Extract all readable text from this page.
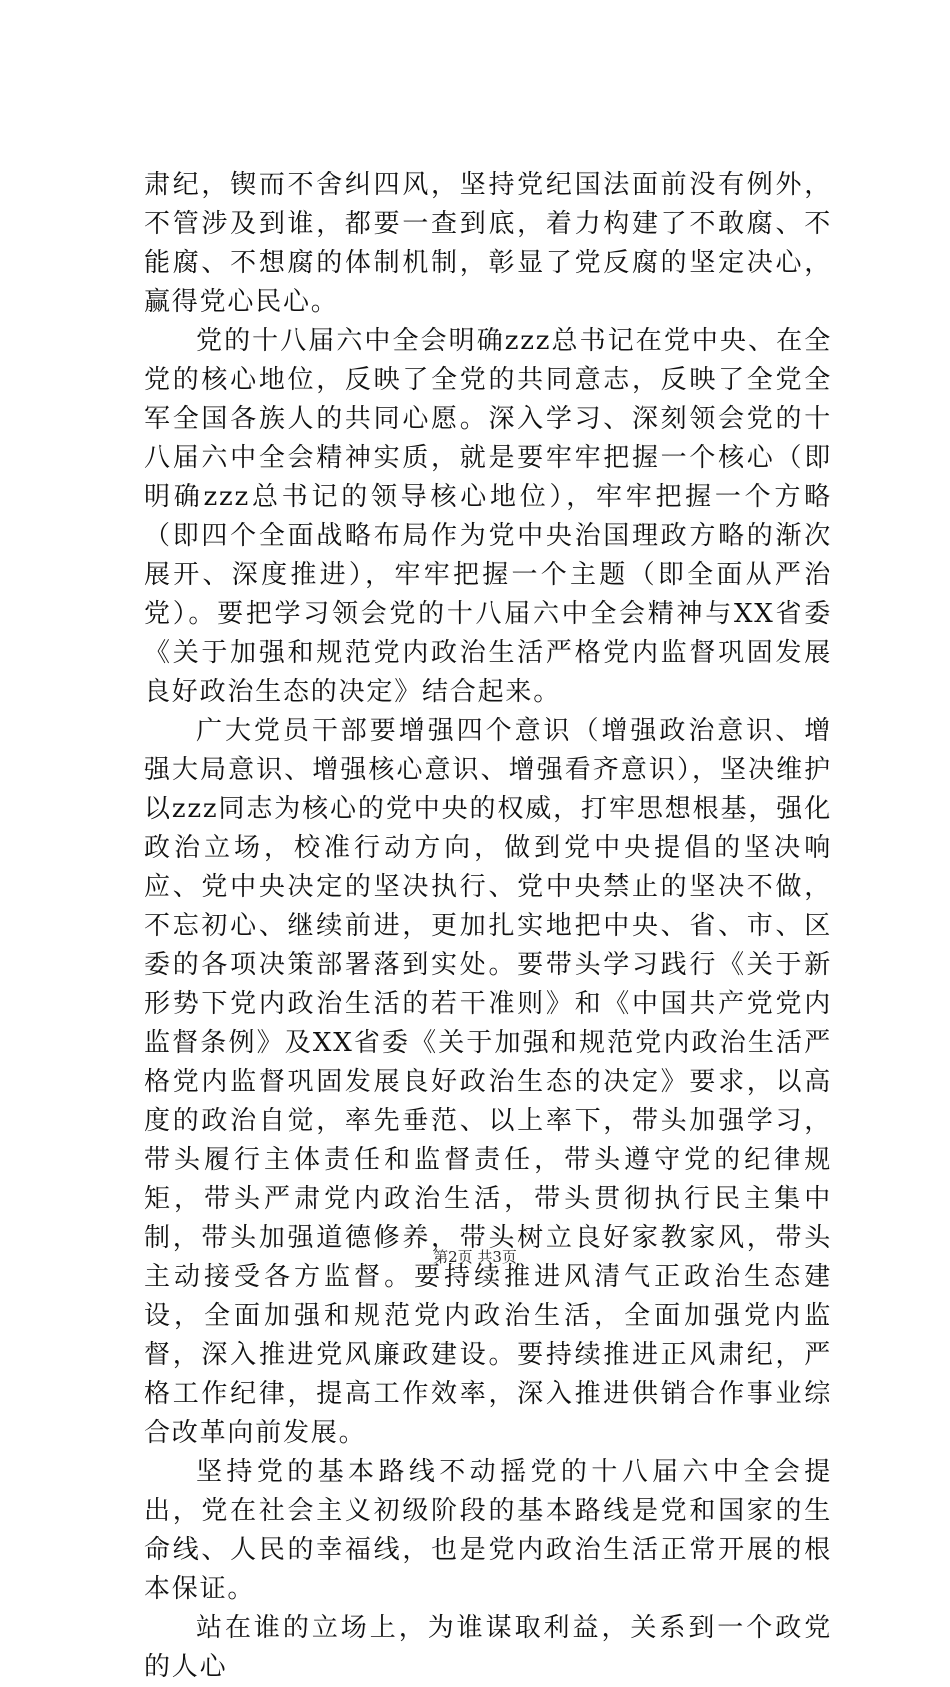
肃纪，锲而不舍纠四风，坚持党纪国法面前没有例外，不管涉及到谁，都要一查到底，着力构建了不敢腐、不能腐、不想腐的体制机制，彰显了党反腐的坚定决心，赢得党心民心。

党的十八届六中全会明确zzz总书记在党中央、在全党的核心地位，反映了全党的共同意志，反映了全党全军全国各族人的共同心愿。深入学习、深刻领会党的十八届六中全会精神实质，就是要牢牢把握一个核心（即明确zzz总书记的领导核心地位），牢牢把握一个方略（即四个全面战略布局作为党中央治国理政方略的渐次展开、深度推进），牢牢把握一个主题（即全面从严治党）。要把学习领会党的十八届六中全会精神与XX省委《关于加强和规范党内政治生活严格党内监督巩固发展良好政治生态的决定》结合起来。

广大党员干部要增强四个意识（增强政治意识、增强大局意识、增强核心意识、增强看齐意识），坚决维护以zzz同志为核心的党中央的权威，打牢思想根基，强化政治立场，校准行动方向，做到党中央提倡的坚决响应、党中央决定的坚决执行、党中央禁止的坚决不做，不忘初心、继续前进，更加扎实地把中央、省、市、区委的各项决策部署落到实处。要带头学习践行《关于新形势下党内政治生活的若干准则》和《中国共产党党内监督条例》及XX省委《关于加强和规范党内政治生活严格党内监督巩固发展良好政治生态的决定》要求，以高度的政治自觉，率先垂范、以上率下，带头加强学习，带头履行主体责任和监督责任，带头遵守党的纪律规矩，带头严肃党内政治生活，带头贯彻执行民主集中制，带头加强道德修养，带头树立良好家教家风，带头主动接受各方监督。要持续推进风清气正政治生态建设，全面加强和规范党内政治生活，全面加强党内监督，深入推进党风廉政建设。要持续推进正风肃纪，严格工作纪律，提高工作效率，深入推进供销合作事业综合改革向前发展。

坚持党的基本路线不动摇党的十八届六中全会提出，党在社会主义初级阶段的基本路线是党和国家的生命线、人民的幸福线，也是党内政治生活正常开展的根本保证。

站在谁的立场上，为谁谋取利益，关系到一个政党的人心

第2页 共3页
